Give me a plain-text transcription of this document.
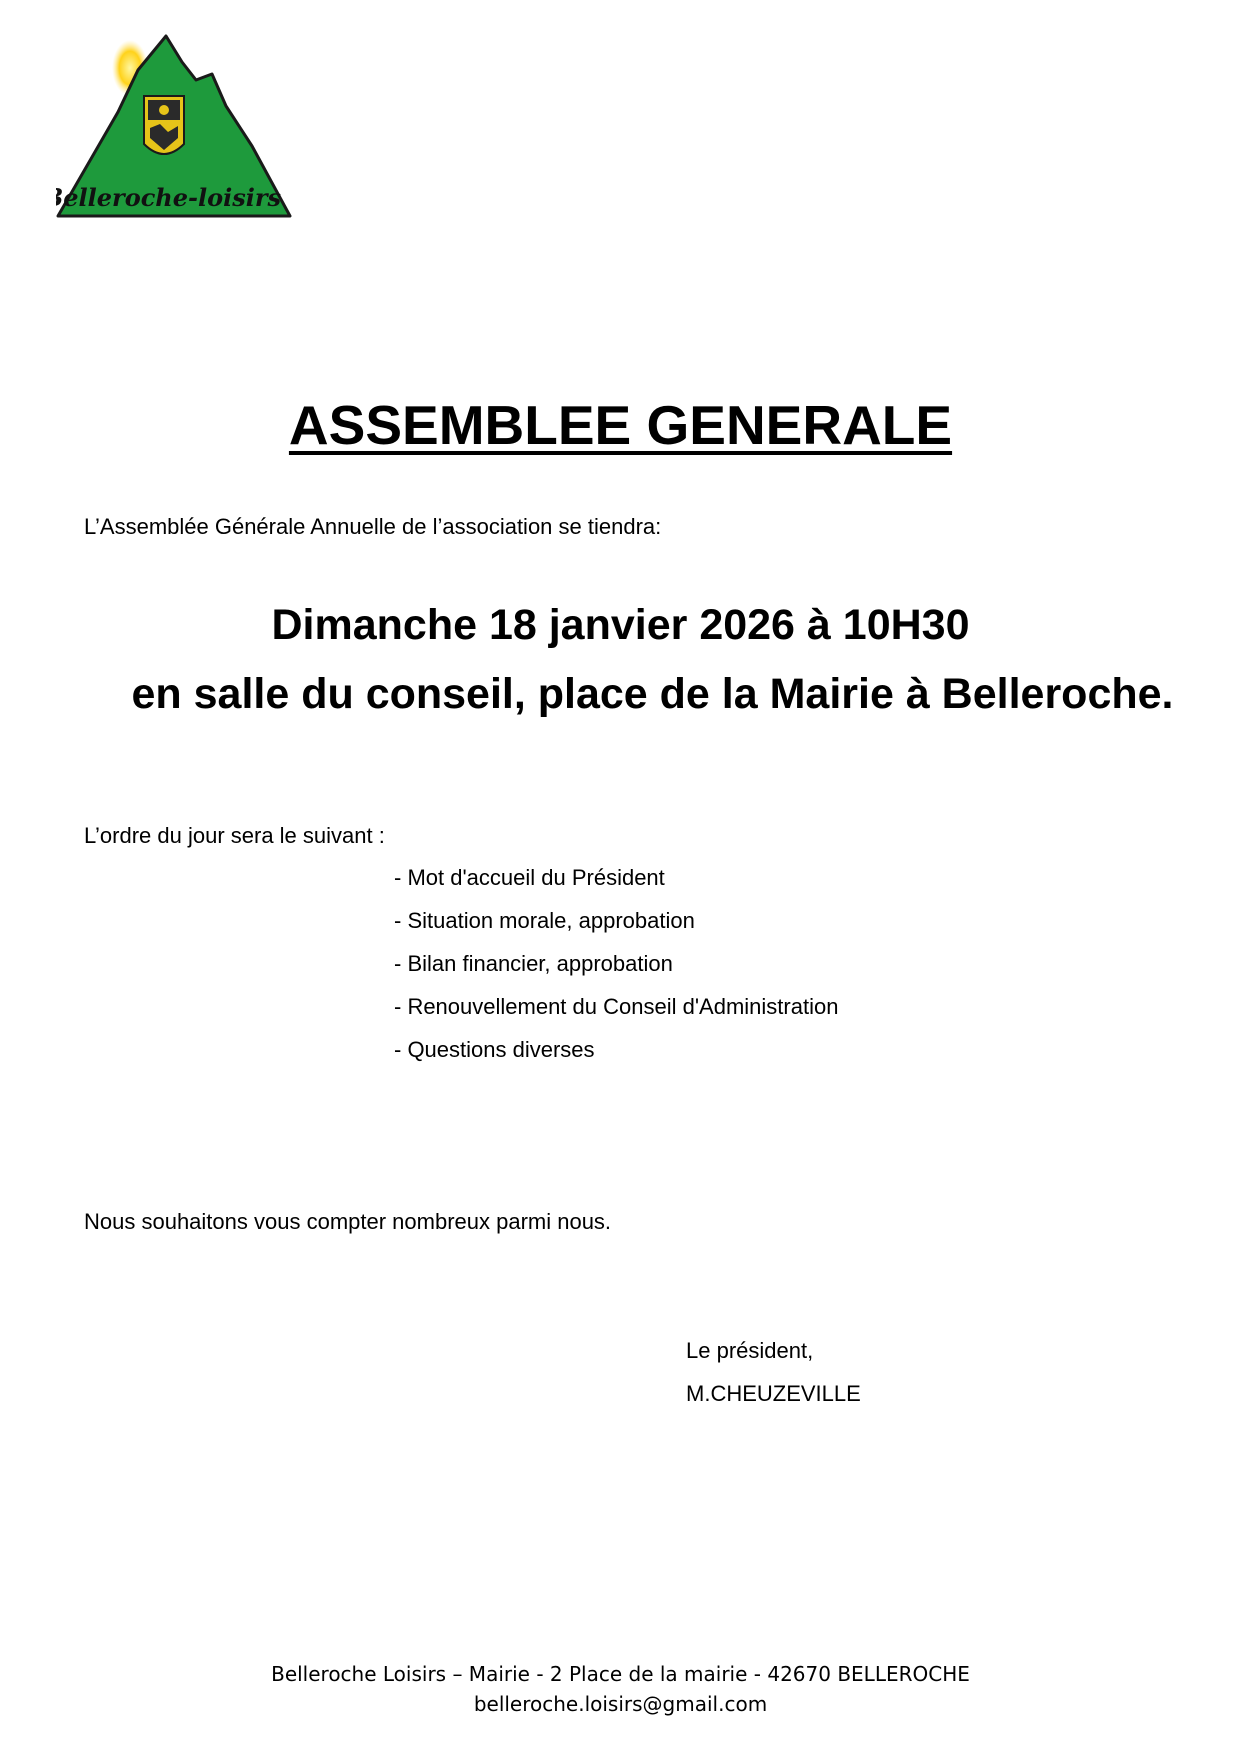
Belleroche-loisirs
ASSEMBLEE GENERALE
L’Assemblée Générale Annuelle de l’association se tiendra:
Dimanche 18 janvier 2026 à 10H30
en salle du conseil, place de la Mairie à Belleroche.
L’ordre du jour sera le suivant :
- Mot d'accueil du Président
- Situation morale, approbation
- Bilan financier, approbation
- Renouvellement du Conseil d'Administration
- Questions diverses
Nous souhaitons vous compter nombreux parmi nous.
Le président,
M.CHEUZEVILLE
Belleroche Loisirs – Mairie - 2 Place de la mairie - 42670 BELLEROCHE
belleroche.loisirs@gmail.com
